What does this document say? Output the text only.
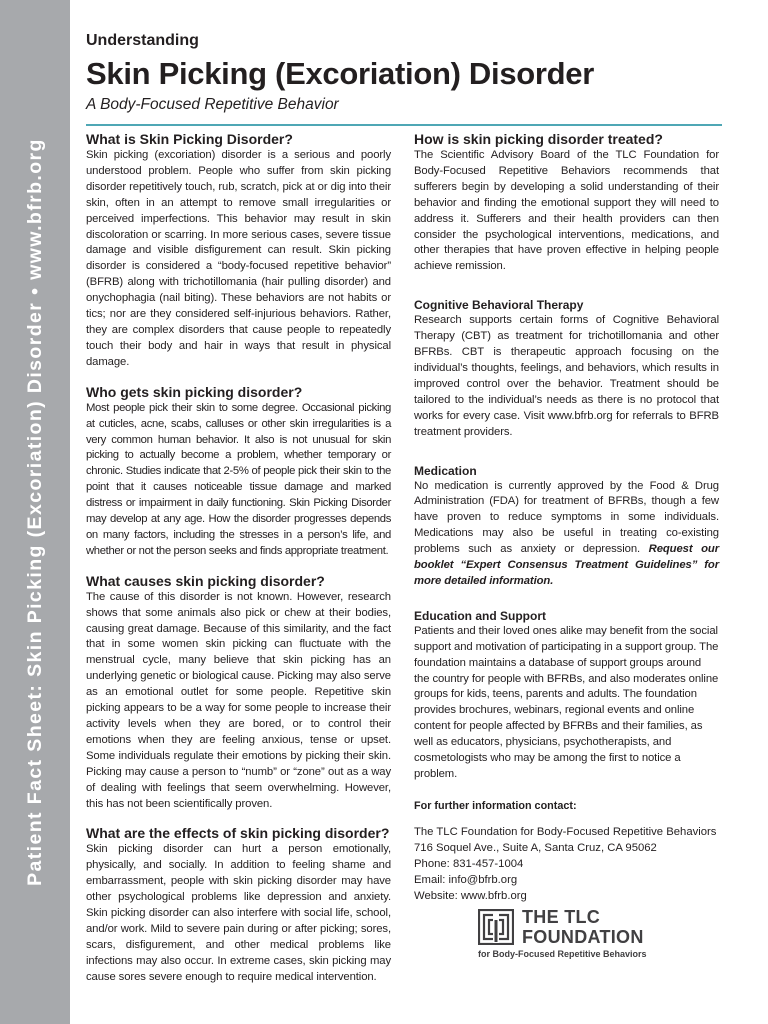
Patient Fact Sheet: Skin Picking (Excoriation) Disorder • www.bfrb.org

Understanding

Skin Picking (Excoriation) Disorder

A Body-Focused Repetitive Behavior

What is Skin Picking Disorder?

Skin picking (excoriation) disorder is a serious and poorly understood problem. People who suffer from skin picking disorder repetitively touch, rub, scratch, pick at or dig into their skin, often in an attempt to remove small irregularities or perceived imperfections. This behavior may result in skin discoloration or scarring. In more serious cases, severe tissue damage and visible disfigurement can result. Skin picking disorder is considered a “body-focused repetitive behavior” (BFRB) along with trichotillomania (hair pulling disorder) and onychophagia (nail biting). These behaviors are not habits or tics; nor are they considered self-injurious behaviors. Rather, they are complex disorders that cause people to repeatedly touch their body and hair in ways that result in physical damage.

Who gets skin picking disorder?

Most people pick their skin to some degree. Occasional picking at cuticles, acne, scabs, calluses or other skin irregularities is a very common human behavior. It also is not unusual for skin picking to actually become a problem, whether temporary or chronic. Studies indicate that 2-5% of people pick their skin to the point that it causes noticeable tissue damage and marked distress or impairment in daily functioning. Skin Picking Disorder may develop at any age. How the disorder progresses depends on many factors, including the stresses in a person’s life, and whether or not the person seeks and finds appropriate treatment.

What causes skin picking disorder?

The cause of this disorder is not known. However, research shows that some animals also pick or chew at their bodies, causing great damage. Because of this similarity, and the fact that in some women skin picking can fluctuate with the menstrual cycle, many believe that skin picking has an underlying genetic or biological cause. Picking may also serve as an emotional outlet for some people. Repetitive skin picking appears to be a way for some people to increase their activity levels when they are bored, or to control their emotions when they are feeling anxious, tense or upset. Some individuals regulate their emotions by picking their skin. Picking may cause a person to “numb” or “zone” out as a way of dealing with feelings that seem overwhelming. However, this has not been scientifically proven.

What are the effects of skin picking disorder?

Skin picking disorder can hurt a person emotionally, physically, and socially. In addition to feeling shame and embarrassment, people with skin picking disorder may have other psychological problems like depression and anxiety. Skin picking disorder can also interfere with social life, school, and/or work. Mild to severe pain during or after picking; sores, scars, disfigurement, and other medical problems like infections may also occur. In extreme cases, skin picking may cause sores severe enough to require medical intervention.

How is skin picking disorder treated?

The Scientific Advisory Board of the TLC Foundation for Body-Focused Repetitive Behaviors recommends that sufferers begin by developing a solid understanding of their behavior and finding the emotional support they will need to address it. Sufferers and their health providers can then consider the psychological interventions, medications, and other therapies that have proven effective in helping people achieve remission.

Cognitive Behavioral Therapy

Research supports certain forms of Cognitive Behavioral Therapy (CBT) as treatment for trichotillomania and other BFRBs. CBT is therapeutic approach focusing on the individual’s thoughts, feelings, and behaviors, which results in improved control over the behavior. Treatment should be tailored to the individual’s needs as there is no protocol that works for every case. Visit www.bfrb.org for referrals to BFRB treatment providers.

Medication

No medication is currently approved by the Food & Drug Administration (FDA) for treatment of BFRBs, though a few have proven to reduce symptoms in some individuals. Medications may also be useful in treating co-existing problems such as anxiety or depression. Request our booklet “Expert Consensus Treatment Guidelines” for more detailed information.

Education and Support

Patients and their loved ones alike may benefit from the social support and motivation of participating in a support group. The foundation maintains a database of support groups around the country for people with BFRBs, and also moderates online groups for kids, teens, parents and adults. The foundation provides brochures, webinars, regional events and online content for people affected by BFRBs and their families, as well as educators, physicians, psychotherapists, and cosmetologists who may be among the first to notice a problem.

For further information contact:

The TLC Foundation for Body-Focused Repetitive Behaviors

716 Soquel Ave., Suite A, Santa Cruz, CA 95062

Phone: 831-457-1004

Email: info@bfrb.org

Website: www.bfrb.org

THE TLC
FOUNDATION
for Body-Focused Repetitive Behaviors
